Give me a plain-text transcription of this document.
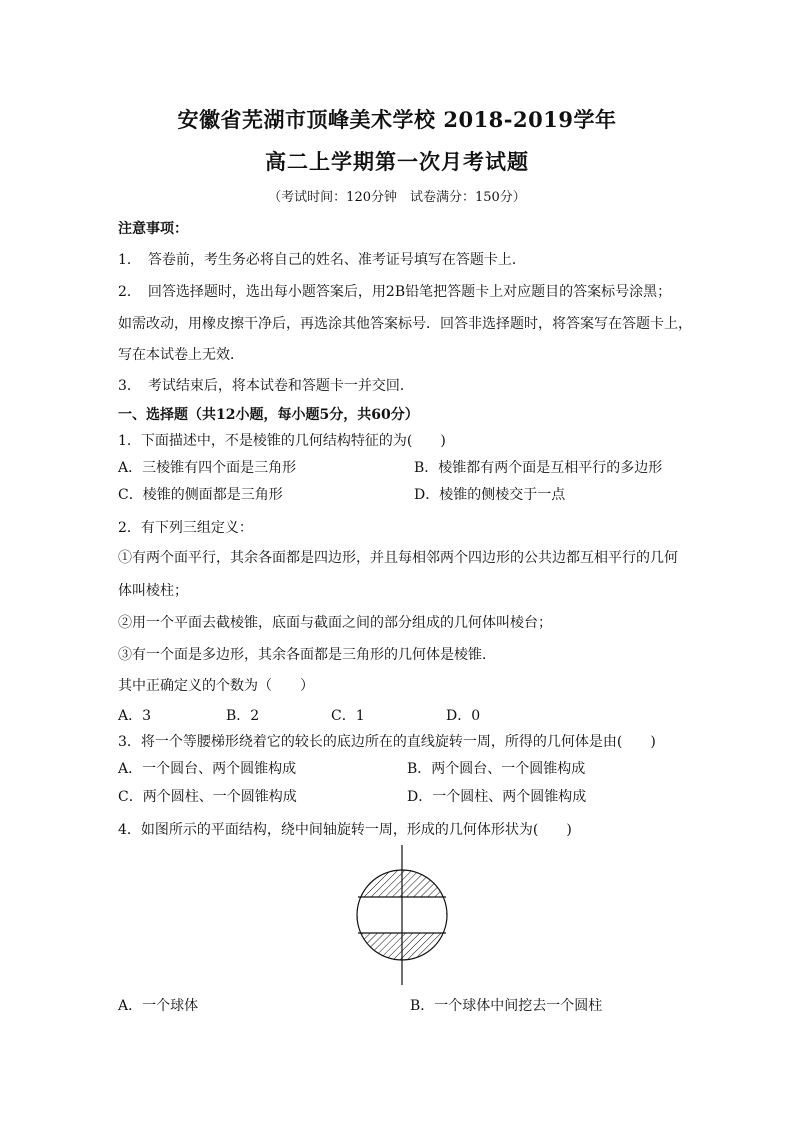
安徽省芜湖市顶峰美术学校 2018-2019学年
高二上学期第一次月考试题
（考试时间：120分钟　试卷满分：150分）
注意事项：
1．　答卷前，考生务必将自己的姓名、准考证号填写在答题卡上．
2．　回答选择题时，选出每小题答案后，用2B铅笔把答题卡上对应题目的答案标号涂黑；
如需改动，用橡皮擦干净后，再选涂其他答案标号．回答非选择题时，将答案写在答题卡上，
写在本试卷上无效．
3．　考试结束后，将本试卷和答题卡一并交回．
一、选择题（共12小题，每小题5分，共60分）
1．下面描述中，不是棱锥的几何结构特征的为(　　)
A．三棱锥有四个面是三角形	B．棱锥都有两个面是互相平行的多边形
C．棱锥的侧面都是三角形	D．棱锥的侧棱交于一点
2．有下列三组定义：
①有两个面平行，其余各面都是四边形，并且每相邻两个四边形的公共边都互相平行的几何
体叫棱柱；
②用一个平面去截棱锥，底面与截面之间的部分组成的几何体叫棱台；
③有一个面是多边形，其余各面都是三角形的几何体是棱锥．
其中正确定义的个数为（　　）
A．3	B．2	C．1	D．0
3．将一个等腰梯形绕着它的较长的底边所在的直线旋转一周，所得的几何体是由(　　)
A．一个圆台、两个圆锥构成	B．两个圆台、一个圆锥构成
C．两个圆柱、一个圆锥构成	D．一个圆柱、两个圆锥构成
4．如图所示的平面结构，绕中间轴旋转一周，形成的几何体形状为(　　)
A．一个球体	B．一个球体中间挖去一个圆柱
